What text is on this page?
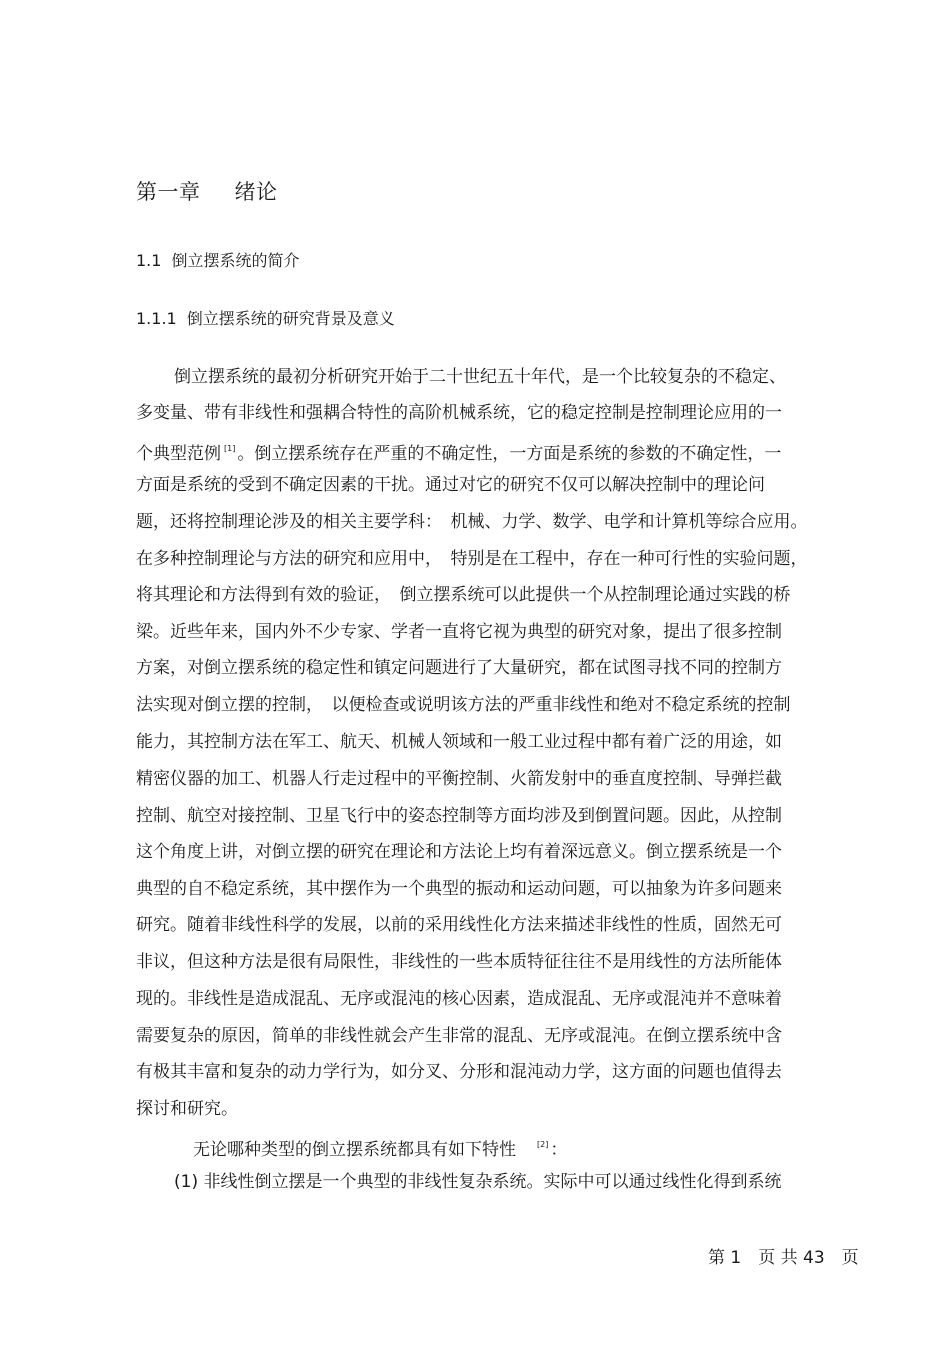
第一章 绪论
1.1 倒立摆系统的简介
1.1.1 倒立摆系统的研究背景及意义
倒立摆系统的最初分析研究开始于二十世纪五十年代，是一个比较复杂的不稳定、
多变量、带有非线性和强耦合特性的高阶机械系统，它的稳定控制是控制理论应用的一
个典型范例 [1] 。倒立摆系统存在严重的不确定性，一方面是系统的参数的不确定性，一
方面是系统的受到不确定因素的干扰。通过对它的研究不仅可以解决控制中的理论问
题，还将控制理论涉及的相关主要学科：　机械、力学、数学、电学和计算机等综合应用。
在多种控制理论与方法的研究和应用中，　特别是在工程中，存在一种可行性的实验问题，
将其理论和方法得到有效的验证，　倒立摆系统可以此提供一个从控制理论通过实践的桥
梁。近些年来，国内外不少专家、学者一直将它视为典型的研究对象，提出了很多控制
方案，对倒立摆系统的稳定性和镇定问题进行了大量研究，都在试图寻找不同的控制方
法实现对倒立摆的控制，　以便检查或说明该方法的严重非线性和绝对不稳定系统的控制
能力，其控制方法在军工、航天、机械人领域和一般工业过程中都有着广泛的用途，如
精密仪器的加工、机器人行走过程中的平衡控制、火箭发射中的垂直度控制、导弹拦截
控制、航空对接控制、卫星飞行中的姿态控制等方面均涉及到倒置问题。因此，从控制
这个角度上讲，对倒立摆的研究在理论和方法论上均有着深远意义。倒立摆系统是一个
典型的自不稳定系统，其中摆作为一个典型的振动和运动问题，可以抽象为许多问题来
研究。随着非线性科学的发展，以前的采用线性化方法来描述非线性的性质，固然无可
非议，但这种方法是很有局限性，非线性的一些本质特征往往不是用线性的方法所能体
现的。非线性是造成混乱、无序或混沌的核心因素，造成混乱、无序或混沌并不意味着
需要复杂的原因，简单的非线性就会产生非常的混乱、无序或混沌。在倒立摆系统中含
有极其丰富和复杂的动力学行为，如分叉、分形和混沌动力学，这方面的问题也值得去
探讨和研究。
无论哪种类型的倒立摆系统都具有如下特性	[2] ：
(1) 非线性倒立摆是一个典型的非线性复杂系统。实际中可以通过线性化得到系统
第 1　页 共 43　页
